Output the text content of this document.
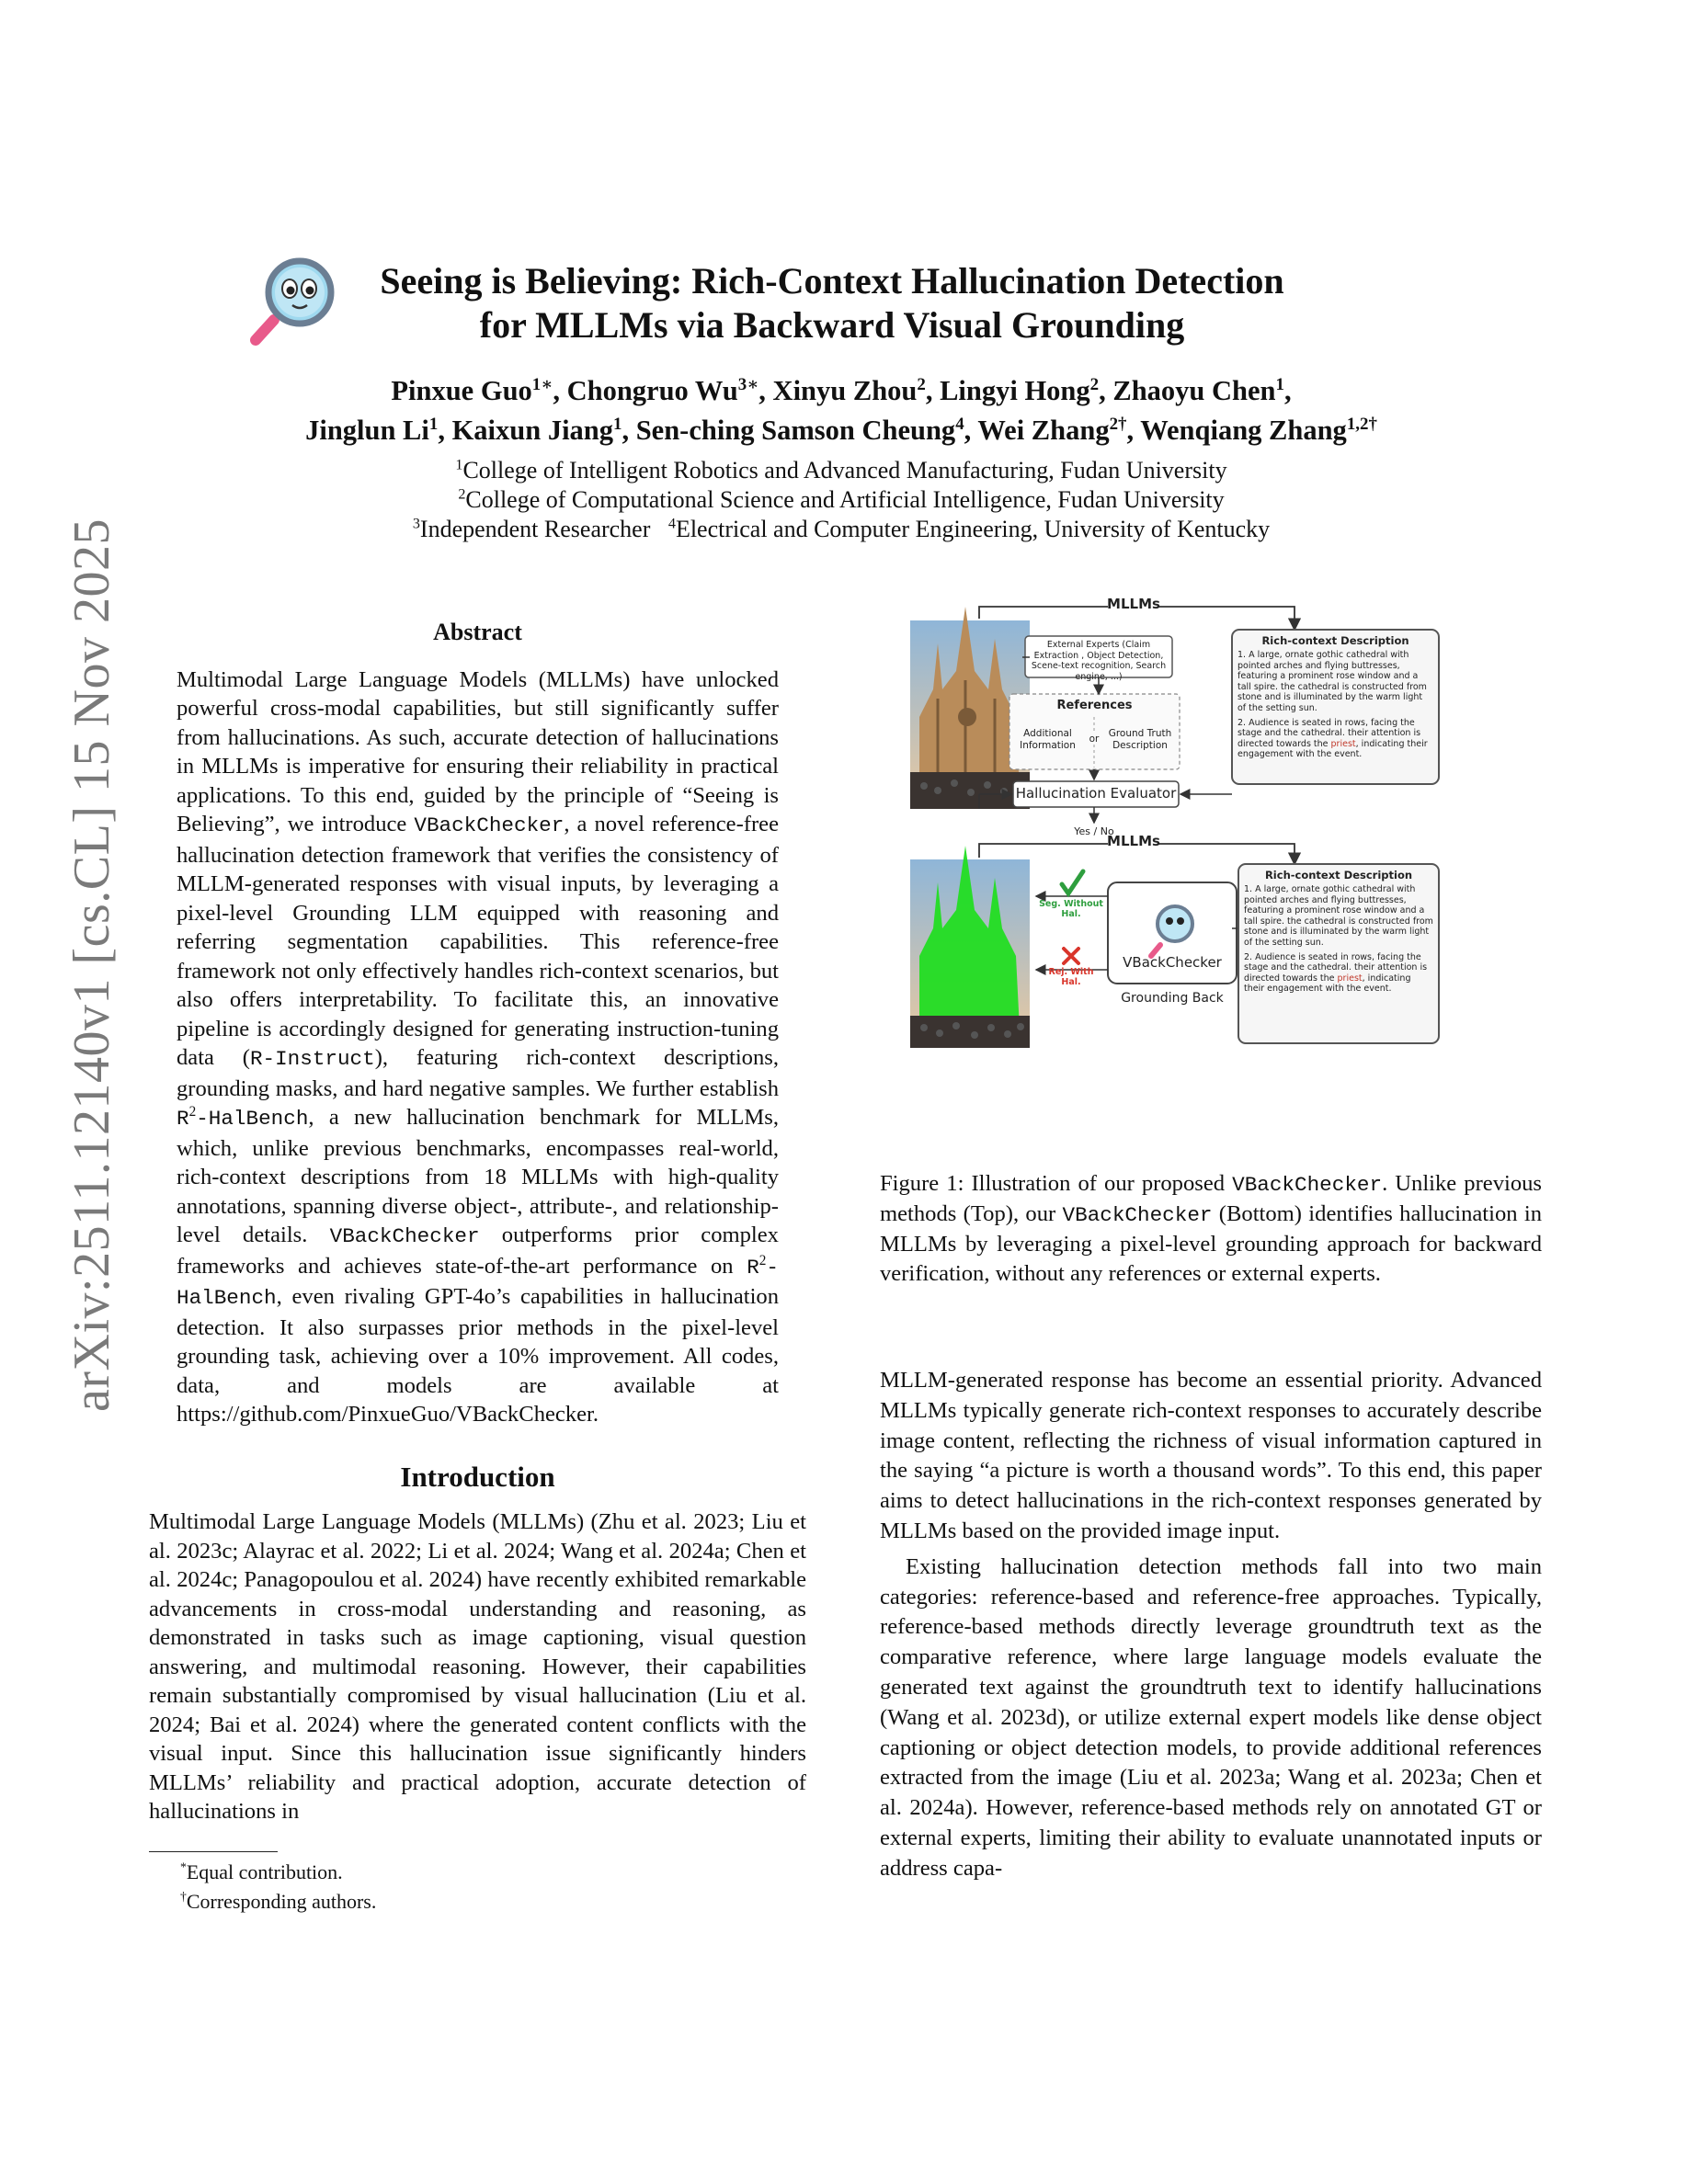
arXiv:2511.12140v1 [cs.CL] 15 Nov 2025
Seeing is Believing: Rich-Context Hallucination Detection
for MLLMs via Backward Visual Grounding
Pinxue Guo$^{1∗}$, Chongruo $Wu^{3∗}$, Xinyu Zhou$^2$, Lingyi Hong$^2$, Zhaoyu Chen$^1$,
Jinglun Li$^1$, Kaixun Jiang$^1$, Sen-ching Samson Cheung$^4$, Wei Zhang$^{2\dagger}$, Wenqiang Zhang$^{1,2\dagger}$
$^1$College of Intelligent Robotics and Advanced Manufacturing, Fudan University
$^2$College of Computational Science and Artificial Intelligence, Fudan University
$^3$Independent Researcher $^4$Electrical and Computer Engineering, University of Kentucky
Abstract

Multimodal Large Language Models (MLLMs) have unlocked powerful cross-modal capabilities, but still significantly suffer from hallucinations. As such, accurate detection of hallucinations in MLLMs is imperative for ensuring their reliability in practical applications. To this end, guided by the principle of “Seeing is Believing”, we introduce VBackChecker, a novel reference-free hallucination detection framework that verifies the consistency of MLLM-generated responses with visual inputs, by leveraging a pixel-level Grounding LLM equipped with reasoning and referring segmentation capabilities. This reference-free framework not only effectively handles rich-context scenarios, but also offers interpretability. To facilitate this, an innovative pipeline is accordingly designed for generating instruction-tuning data (R-Instruct), featuring rich-context descriptions, grounding masks, and hard negative samples. We further establish $R^2$-HalBench, a new hallucination benchmark for MLLMs, which, unlike previous benchmarks, encompasses real-world, rich-context descriptions from 18 MLLMs with high-quality annotations, spanning diverse object-, attribute-, and relationship-level details. VBackChecker outperforms prior complex frameworks and achieves state-of-the-art performance on $R^2$-HalBench, even rivaling GPT-4o’s capabilities in hallucination detection. It also surpasses prior methods in the pixel-level grounding task, achieving over a 10% improvement. All codes, data, and models are available at https://github.com/PinxueGuo/VBackChecker.

Introduction

Multimodal Large Language Models (MLLMs) (Zhu et al. 2023; Liu et al. 2023c; Alayrac et al. 2022; Li et al. 2024; Wang et al. 2024a; Chen et al. 2024c; Panagopoulou et al. 2024) have recently exhibited remarkable advancements in cross-modal understanding and reasoning, as demonstrated in tasks such as image captioning, visual question answering, and multimodal reasoning. However, their capabilities remain substantially compromised by visual hallucination (Liu et al. 2024; Bai et al. 2024) where the generated content conflicts with the visual input. Since this hallucination issue significantly hinders MLLMs’ reliability and practical adoption, accurate detection of hallucinations in

*Equal contribution.
†Corresponding authors.
MLLMs
External Experts (Claim Extraction , Object Detection, Scene-text recognition, Search engine, ...)
References
Additional Information
or Ground Truth Description
Hallucination Evaluator
Yes / No
Rich-context Description
1. A large, ornate gothic cathedral with pointed arches and flying buttresses, featuring a prominent rose window and a tall spire. the cathedral is constructed from stone and is illuminated by the warm light of the setting sun.
2. Audience is seated in rows, facing the stage and the cathedral. their attention is directed towards the priest, indicating their engagement with the event.
MLLMs
Seg. Without Hal.
Rej. With Hal.
VBackChecker
Grounding Back
Rich-context Description
1. A large, ornate gothic cathedral with pointed arches and flying buttresses, featuring a prominent rose window and a tall spire. the cathedral is constructed from stone and is illuminated by the warm light of the setting sun.
2. Audience is seated in rows, facing the stage and the cathedral. their attention is directed towards the priest, indicating their engagement with the event.

Figure 1: Illustration of our proposed VBackChecker. Unlike previous methods (Top), our VBackChecker (Bottom) identifies hallucination in MLLMs by leveraging a pixel-level grounding approach for backward verification, without any references or external experts.

MLLM-generated response has become an essential priority. Advanced MLLMs typically generate rich-context responses to accurately describe image content, reflecting the richness of visual information captured in the saying “a picture is worth a thousand words”. To this end, this paper aims to detect hallucinations in the rich-context responses generated by MLLMs based on the provided image input.

Existing hallucination detection methods fall into two main categories: reference-based and reference-free approaches. Typically, reference-based methods directly leverage groundtruth text as the comparative reference, where large language models evaluate the generated text against the groundtruth text to identify hallucinations (Wang et al. 2023d), or utilize external expert models like dense object captioning or object detection models, to provide additional references extracted from the image (Liu et al. 2023a; Wang et al. 2023a; Chen et al. 2024a). However, reference-based methods rely on annotated GT or external experts, limiting their ability to evaluate unannotated inputs or address capa-
